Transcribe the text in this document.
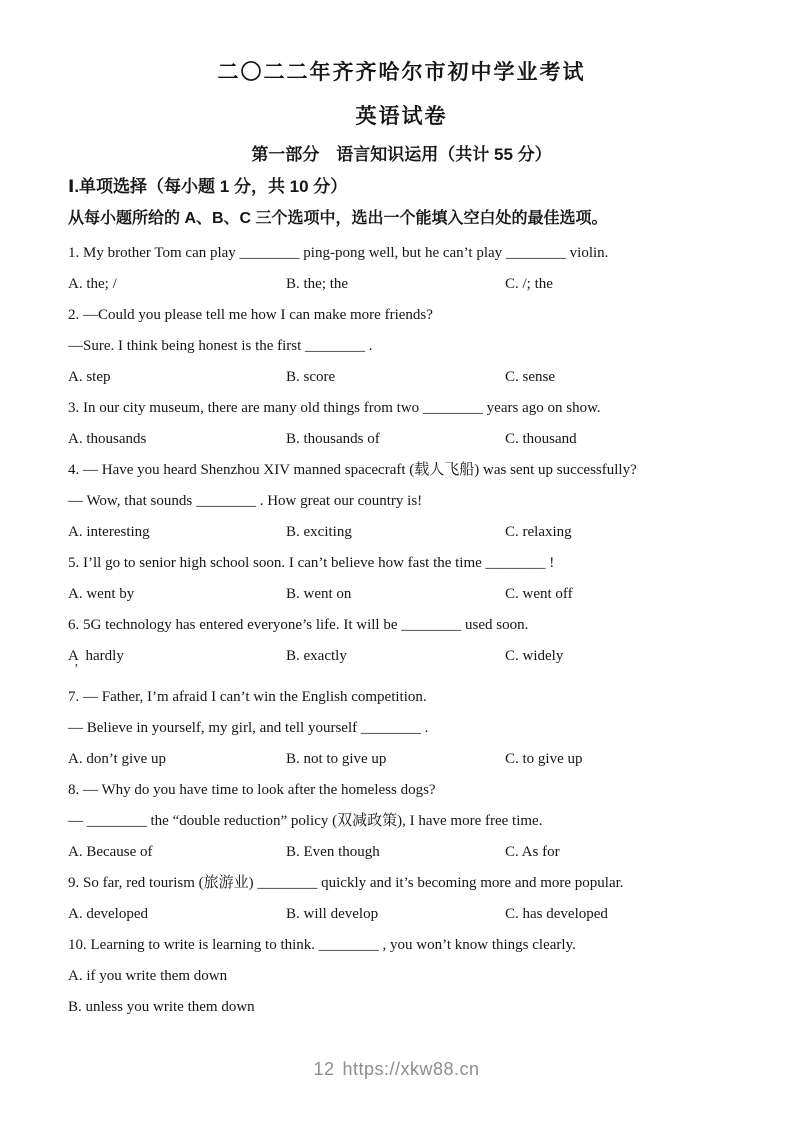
二〇二二年齐齐哈尔市初中学业考试
英语试卷
第一部分　语言知识运用（共计 55 分）
Ⅰ.单项选择（每小题 1 分，共 10 分）

从每小题所给的 A、B、C 三个选项中，选出一个能填入空白处的最佳选项。

1. My brother Tom can play ________ ping-pong well, but he can’t play ________ violin.

A. the; /	B. the; the	C. /; the

2. —Could you please tell me how I can make more friends?

—Sure. I think being honest is the first ________ .

A. step	B. score	C. sense

3. In our city museum, there are many old things from two ________ years ago on show.

A. thousands	B. thousands of	C. thousand

4. — Have you heard Shenzhou XIV manned spacecraft (载人飞船) was sent up successfully?

— Wow, that sounds ________ . How great our country is!

A. interesting	B. exciting	C. relaxing

5. I’ll go to senior high school soon. I can’t believe how fast the time ________ !

A. went by	B. went on	C. went off

6. 5G technology has entered everyone’s life. It will be ________ used soon.

A  hardly	B. exactly	C. widely

7. — Father, I’m afraid I can’t win the English competition.

— Believe in yourself, my girl, and tell yourself ________ .

A. don’t give up	B. not to give up	C. to give up

8. — Why do you have time to look after the homeless dogs?

— ________ the “double reduction” policy (双减政策), I have more free time.

A. Because of	B. Even though	C. As for

9. So far, red tourism (旅游业) ________ quickly and it’s becoming more and more popular.

A. developed	B. will develop	C. has developed

10. Learning to write is learning to think. ________ , you won’t know things clearly.

A. if you write them down

B. unless you write them down

’
12 https://xkw88.cn
